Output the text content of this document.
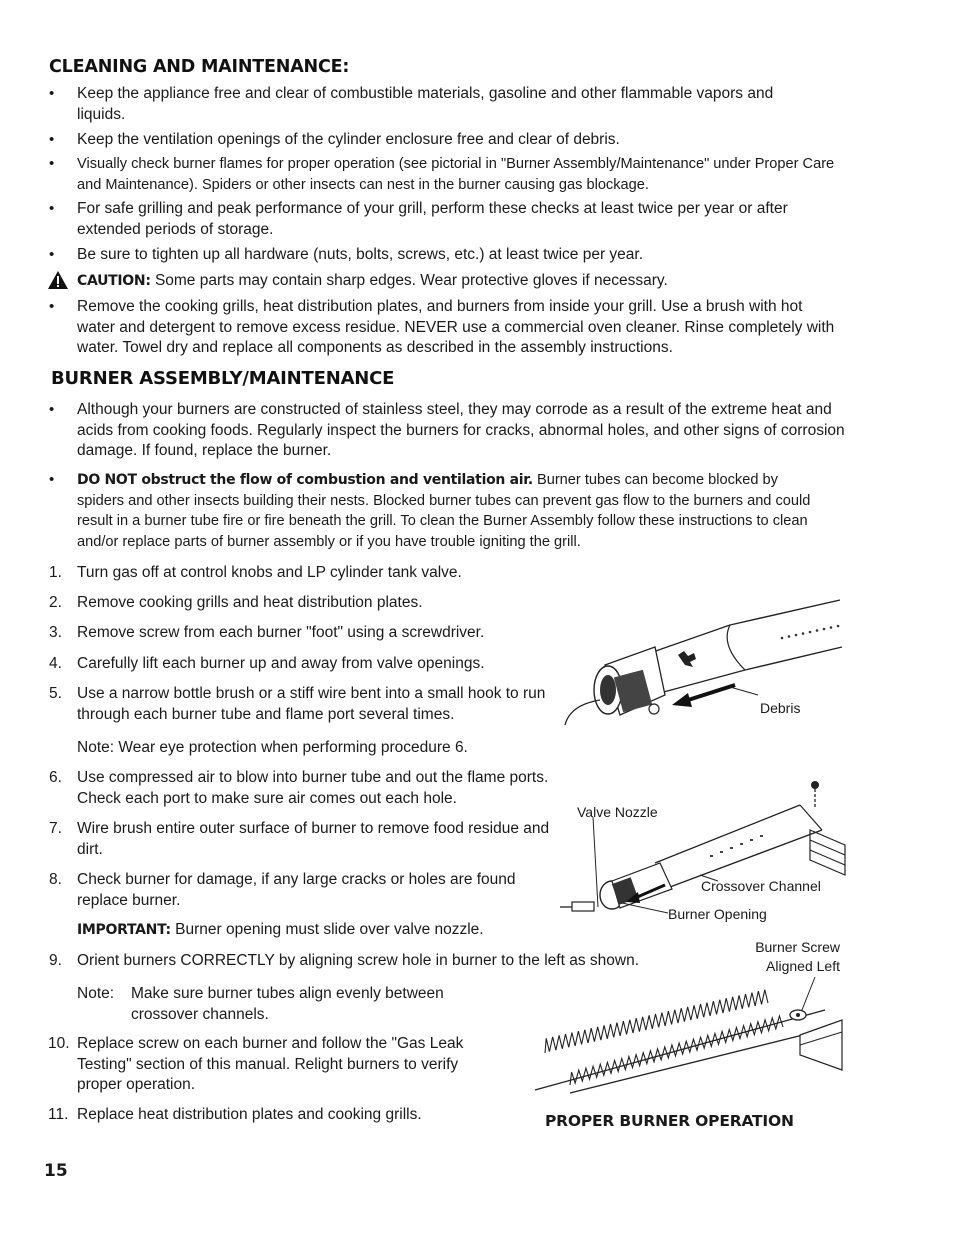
CLEANING AND MAINTENANCE:
• Keep the appliance free and clear of combustible materials, gasoline and other flammable vapors and liquids.
• Keep the ventilation openings of the cylinder enclosure free and clear of debris.
• Visually check burner flames for proper operation (see pictorial in "Burner Assembly/Maintenance" under Proper Care and Maintenance). Spiders or other insects can nest in the burner causing gas blockage.
• For safe grilling and peak performance of your grill, perform these checks at least twice per year or after extended periods of storage.
• Be sure to tighten up all hardware (nuts, bolts, screws, etc.) at least twice per year.
CAUTION: Some parts may contain sharp edges. Wear protective gloves if necessary.
• Remove the cooking grills, heat distribution plates, and burners from inside your grill. Use a brush with hot water and detergent to remove excess residue. NEVER use a commercial oven cleaner. Rinse completely with water. Towel dry and replace all components as described in the assembly instructions.
BURNER ASSEMBLY/MAINTENANCE
• Although your burners are constructed of stainless steel, they may corrode as a result of the extreme heat and acids from cooking foods. Regularly inspect the burners for cracks, abnormal holes, and other signs of corrosion damage. If found, replace the burner.
• DO NOT obstruct the flow of combustion and ventilation air. Burner tubes can become blocked by spiders and other insects building their nests. Blocked burner tubes can prevent gas flow to the burners and could result in a burner tube fire or fire beneath the grill. To clean the Burner Assembly follow these instructions to clean and/or replace parts of burner assembly or if you have trouble igniting the grill.
1. Turn gas off at control knobs and LP cylinder tank valve.
2. Remove cooking grills and heat distribution plates.
3. Remove screw from each burner "foot" using a screwdriver.
4. Carefully lift each burner up and away from valve openings.
5. Use a narrow bottle brush or a stiff wire bent into a small hook to run through each burner tube and flame port several times.
Note: Wear eye protection when performing procedure 6.
6. Use compressed air to blow into burner tube and out the flame ports. Check each port to make sure air comes out each hole.
7. Wire brush entire outer surface of burner to remove food residue and dirt.
8. Check burner for damage, if any large cracks or holes are found replace burner.
IMPORTANT: Burner opening must slide over valve nozzle.
9. Orient burners CORRECTLY by aligning screw hole in burner to the left as shown.
Note: Make sure burner tubes align evenly between crossover channels.
10. Replace screw on each burner and follow the "Gas Leak Testing" section of this manual. Relight burners to verify proper operation.
11. Replace heat distribution plates and cooking grills.
Debris
Valve Nozzle
Crossover Channel
Burner Opening
Burner Screw
Aligned Left
PROPER BURNER OPERATION
15
